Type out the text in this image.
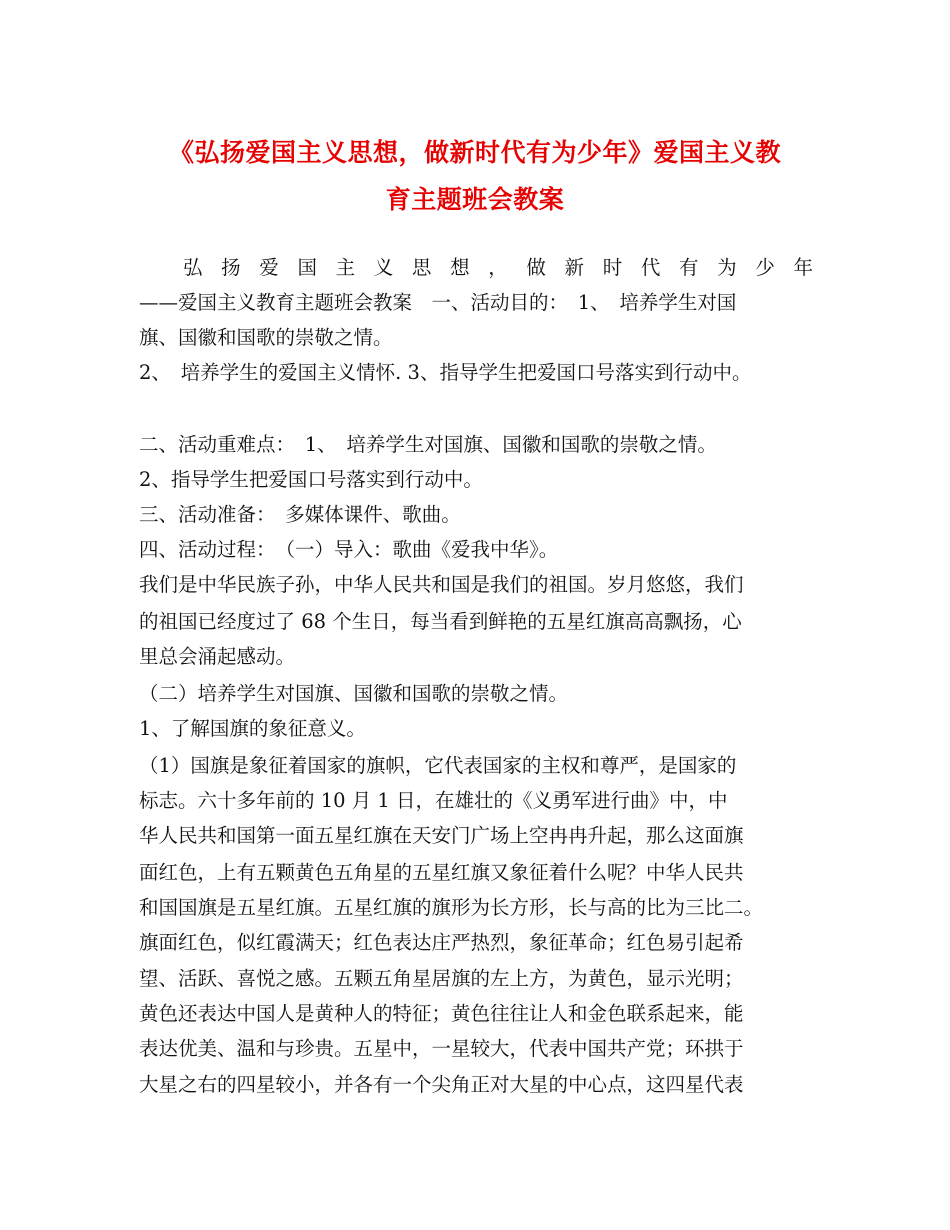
《弘扬爱国主义思想，做新时代有为少年》爱国主义教
育主题班会教案
弘 扬 爱 国 主 义 思 想 ， 做 新 时 代 有 为 少 年
——爱国主义教育主题班会教案　一、活动目的：　1、　培养学生对国
旗、国徽和国歌的崇敬之情。
2、　培养学生的爱国主义情怀. 3、指导学生把爱国口号落实到行动中。
二、活动重难点：　1、　培养学生对国旗、国徽和国歌的崇敬之情。
2、指导学生把爱国口号落实到行动中。
三、活动准备：　多媒体课件、歌曲。
四、活动过程：　（一）导入：歌曲《爱我中华》。
我们是中华民族子孙，中华人民共和国是我们的祖国。岁月悠悠，我们
的祖国已经度过了 68 个生日，每当看到鲜艳的五星红旗高高飘扬，心
里总会涌起感动。
（二）培养学生对国旗、国徽和国歌的崇敬之情。
1、了解国旗的象征意义。
（1）国旗是象征着国家的旗帜，它代表国家的主权和尊严，是国家的
标志。六十多年前的 10 月 1 日，在雄壮的《义勇军进行曲》中，中
华人民共和国第一面五星红旗在天安门广场上空冉冉升起，那么这面旗
面红色，上有五颗黄色五角星的五星红旗又象征着什么呢？中华人民共
和国国旗是五星红旗。五星红旗的旗形为长方形，长与高的比为三比二。
旗面红色，似红霞满天；红色表达庄严热烈，象征革命；红色易引起希
望、活跃、喜悦之感。五颗五角星居旗的左上方，为黄色，显示光明；
黄色还表达中国人是黄种人的特征；黄色往往让人和金色联系起来，能
表达优美、温和与珍贵。五星中，一星较大，代表中国共产党；环拱于
大星之右的四星较小，并各有一个尖角正对大星的中心点，这四星代表
